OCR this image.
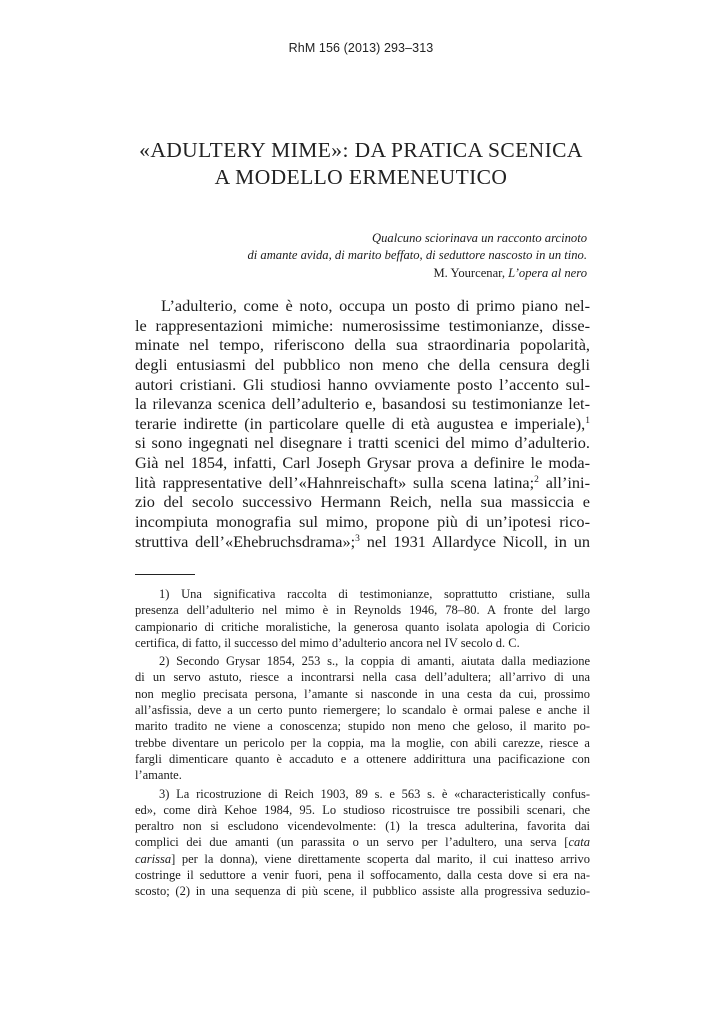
RhM 156 (2013) 293–313
«ADULTERY MIME»: DA PRATICA SCENICA
A MODELLO ERMENEUTICO
Qualcuno sciorinava un racconto arcinoto
di amante avida, di marito beffato, di seduttore nascosto in un tino.
M. Yourcenar, L’opera al nero
L’adulterio, come è noto, occupa un posto di primo piano nel-
le rappresentazioni mimiche: numerosissime testimonianze, disse-
minate nel tempo, riferiscono della sua straordinaria popolarità,
degli entusiasmi del pubblico non meno che della censura degli
autori cristiani. Gli studiosi hanno ovviamente posto l’accento sul-
la rilevanza scenica dell’adulterio e, basandosi su testimonianze let-
terarie indirette (in particolare quelle di età augustea e imperiale),$^1$
si sono ingegnati nel disegnare i tratti scenici del mimo d’adulterio.
Già nel 1854, infatti, Carl Joseph Grysar prova a definire le moda-
lità rappresentative dell’«Hahnreischaft» sulla scena latina;$^2$ all’ini-
zio del secolo successivo Hermann Reich, nella sua massiccia e
incompiuta monografia sul mimo, propone più di un’ipotesi rico-
struttiva dell’«Ehebruchsdrama»;$^3$ nel 1931 Allardyce Nicoll, in un
1) Una significativa raccolta di testimonianze, soprattutto cristiane, sulla
presenza dell’adulterio nel mimo è in Reynolds 1946, 78–80. A fronte del largo
campionario di critiche moralistiche, la generosa quanto isolata apologia di Coricio
certifica, di fatto, il successo del mimo d’adulterio ancora nel IV secolo d. C.
2) Secondo Grysar 1854, 253 s., la coppia di amanti, aiutata dalla mediazione
di un servo astuto, riesce a incontrarsi nella casa dell’adultera; all’arrivo di una
non meglio precisata persona, l’amante si nasconde in una cesta da cui, prossimo
all’asfissia, deve a un certo punto riemergere; lo scandalo è ormai palese e anche il
marito tradito ne viene a conoscenza; stupido non meno che geloso, il marito po-
trebbe diventare un pericolo per la coppia, ma la moglie, con abili carezze, riesce a
fargli dimenticare quanto è accaduto e a ottenere addirittura una pacificazione con
l’amante.
3) La ricostruzione di Reich 1903, 89 s. e 563 s. è «characteristically confus-
ed», come dirà Kehoe 1984, 95. Lo studioso ricostruisce tre possibili scenari, che
peraltro non si escludono vicendevolmente: (1) la tresca adulterina, favorita dai
complici dei due amanti (un parassita o un servo per l’adultero, una serva [cata
carissa] per la donna), viene direttamente scoperta dal marito, il cui inatteso arrivo
costringe il seduttore a venir fuori, pena il soffocamento, dalla cesta dove si era na-
scosto; (2) in una sequenza di più scene, il pubblico assiste alla progressiva seduzio-
